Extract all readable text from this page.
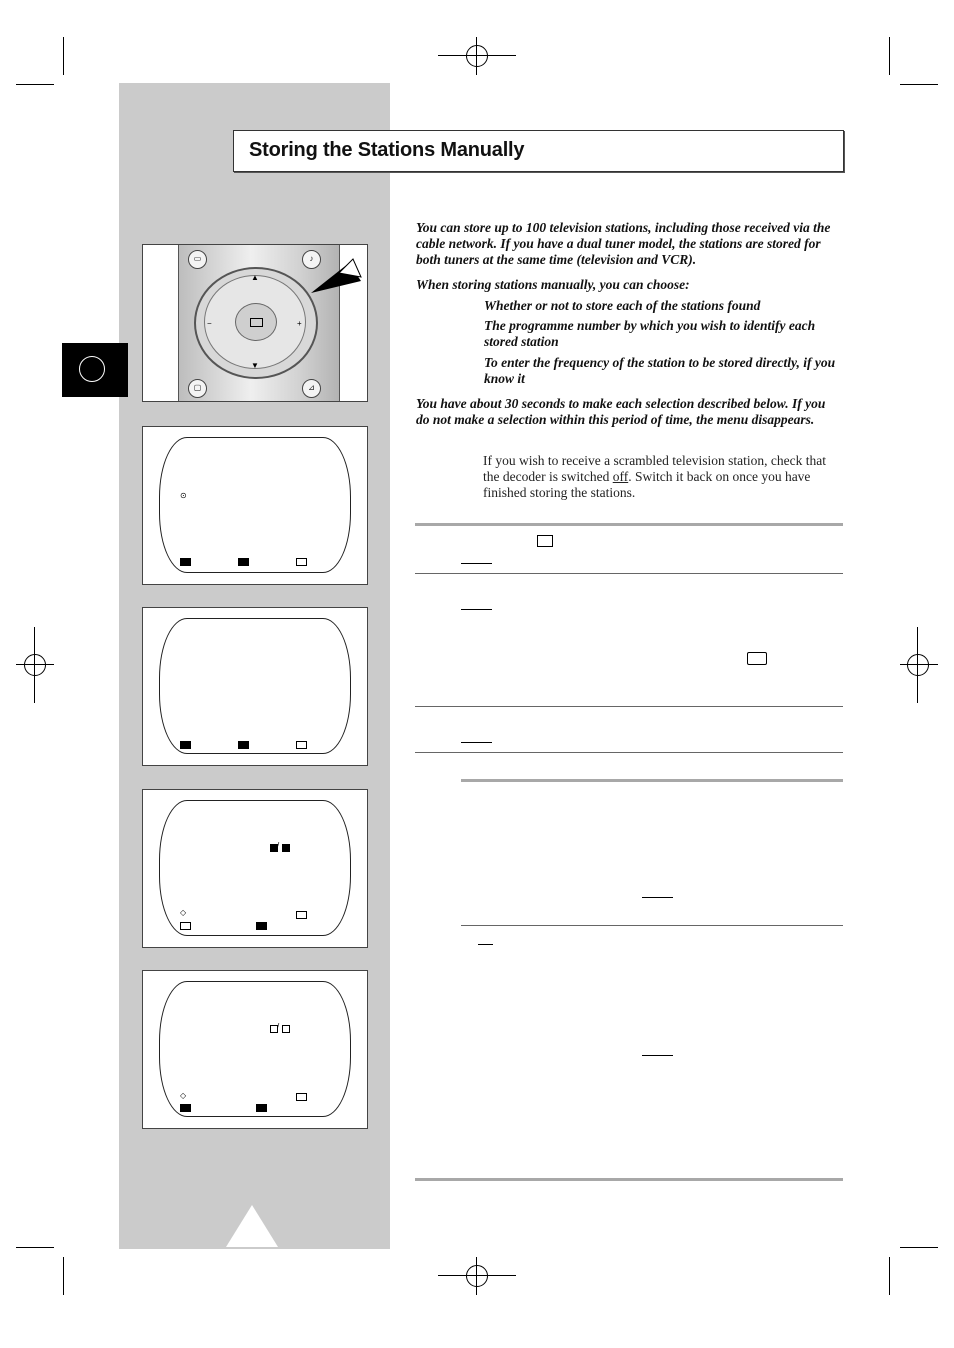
Storing the Stations Manually
▭	♪
▢	⊿
▲
▼
−	+
⊙
/
◇
/
◇
You can store up to 100 television stations, including those received via the cable network. If you have a dual tuner model, the stations are stored for both tuners at the same time (television and VCR).
When storing stations manually, you can choose:
Whether or not to store each of the stations found
The programme number by which you wish to identify each stored station
To enter the frequency of the station to be stored directly, if you know it
You have about 30 seconds to make each selection described below. If you do not make a selection within this period of time, the menu disappears.
If you wish to receive a scrambled television station, check that the decoder is switched off. Switch it back on once you have finished storing the stations.
